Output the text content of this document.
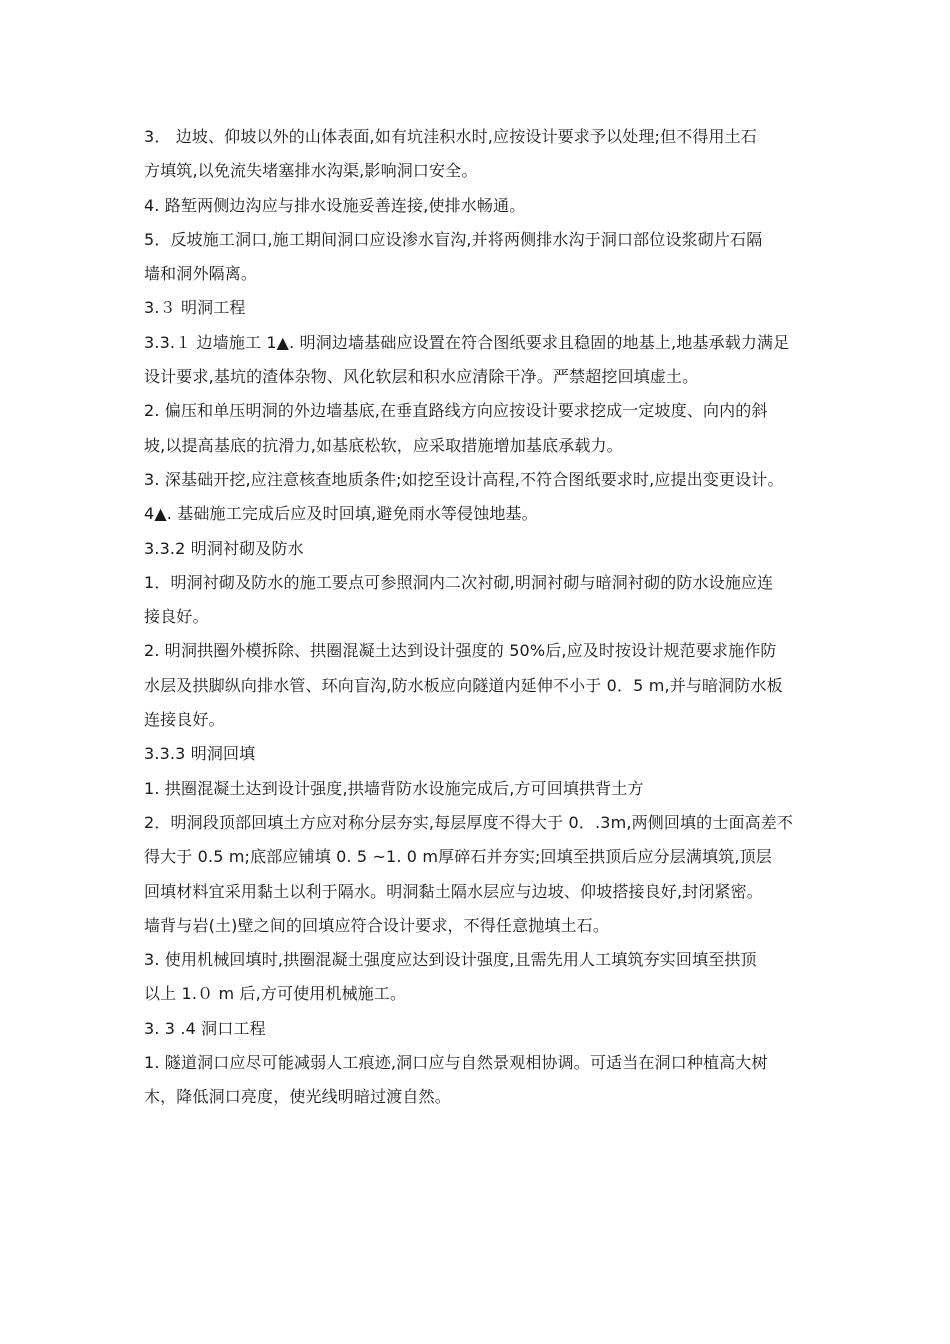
3． 边坡、仰坡以外的山体表面,如有坑洼积水时,应按设计要求予以处理;但不得用土石
方填筑,以免流失堵塞排水沟渠,影响洞口安全。
4. 路堑两侧边沟应与排水设施妥善连接,使排水畅通。
5．反坡施工洞口,施工期间洞口应设渗水盲沟,并将两侧排水沟于洞口部位设浆砌片石隔
墙和洞外隔离。
3.３ 明洞工程
3.3.１ 边墙施工 1▲. 明洞边墙基础应设置在符合图纸要求且稳固的地基上,地基承载力满足
设计要求,基坑的渣体杂物、风化软层和积水应清除干净。严禁超挖回填虚土。
2. 偏压和单压明洞的外边墙基底,在垂直路线方向应按设计要求挖成一定坡度、向内的斜
坡,以提高基底的抗滑力,如基底松软，应采取措施增加基底承载力。
3. 深基础开挖,应注意核查地质条件;如挖至设计高程,不符合图纸要求时,应提出变更设计。
4▲. 基础施工完成后应及时回填,避免雨水等侵蚀地基。
3.3.2 明洞衬砌及防水
1．明洞衬砌及防水的施工要点可参照洞内二次衬砌,明洞衬砌与暗洞衬砌的防水设施应连
接良好。
2. 明洞拱圈外模拆除、拱圈混凝土达到设计强度的 50%后,应及时按设计规范要求施作防
水层及拱脚纵向排水管、环向盲沟,防水板应向隧道内延伸不小于 0．5 m,并与暗洞防水板
连接良好。
3.3.3 明洞回填
1. 拱圈混凝土达到设计强度,拱墙背防水设施完成后,方可回填拱背土方
2．明洞段顶部回填土方应对称分层夯实,每层厚度不得大于 0．.3m,两侧回填的士面高差不
得大于 0.5 m;底部应铺填 0. 5 ~1. 0 m厚碎石并夯实;回填至拱顶后应分层满填筑,顶层
回填材料宜采用黏土以利于隔水。明洞黏土隔水层应与边坡、仰坡搭接良好,封闭紧密。
墙背与岩(土)壁之间的回填应符合设计要求，不得任意抛填土石。
3. 使用机械回填时,拱圈混凝土强度应达到设计强度,且需先用人工填筑夯实回填至拱顶
以上 1.０ m 后,方可使用机械施工。
3. 3 .4 洞口工程
1. 隧道洞口应尽可能减弱人工痕迹,洞口应与自然景观相协调。可适当在洞口种植高大树
木，降低洞口亮度，使光线明暗过渡自然。
